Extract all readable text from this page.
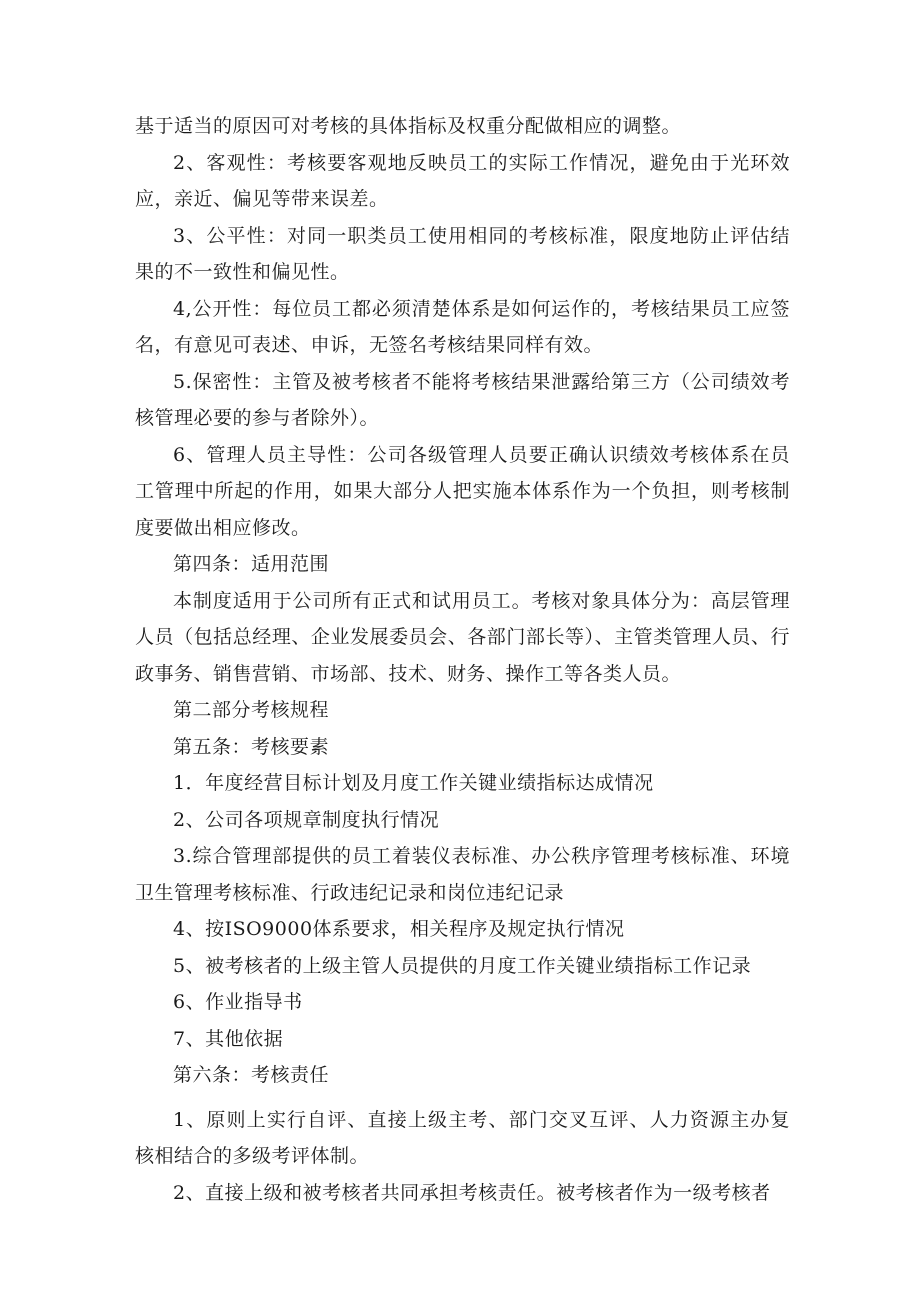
基于适当的原因可对考核的具体指标及权重分配做相应的调整。

2、客观性：考核要客观地反映员工的实际工作情况，避免由于光环效应，亲近、偏见等带来误差。

3、公平性：对同一职类员工使用相同的考核标准，限度地防止评估结果的不一致性和偏见性。

4,公开性：每位员工都必须清楚体系是如何运作的，考核结果员工应签名，有意见可表述、申诉，无签名考核结果同样有效。

5.保密性：主管及被考核者不能将考核结果泄露给第三方（公司绩效考核管理必要的参与者除外）。

6、管理人员主导性：公司各级管理人员要正确认识绩效考核体系在员工管理中所起的作用，如果大部分人把实施本体系作为一个负担，则考核制度要做出相应修改。

第四条：适用范围

本制度适用于公司所有正式和试用员工。考核对象具体分为：高层管理人员（包括总经理、企业发展委员会、各部门部长等）、主管类管理人员、行政事务、销售营销、市场部、技术、财务、操作工等各类人员。

第二部分考核规程

第五条：考核要素

1．年度经营目标计划及月度工作关键业绩指标达成情况

2、公司各项规章制度执行情况

3.综合管理部提供的员工着装仪表标准、办公秩序管理考核标准、环境卫生管理考核标准、行政违纪记录和岗位违纪记录

4、按ISO9000体系要求，相关程序及规定执行情况

5、被考核者的上级主管人员提供的月度工作关键业绩指标工作记录

6、作业指导书

7、其他依据

第六条：考核责任

1、原则上实行自评、直接上级主考、部门交叉互评、人力资源主办复核相结合的多级考评体制。

2、直接上级和被考核者共同承担考核责任。被考核者作为一级考核者
